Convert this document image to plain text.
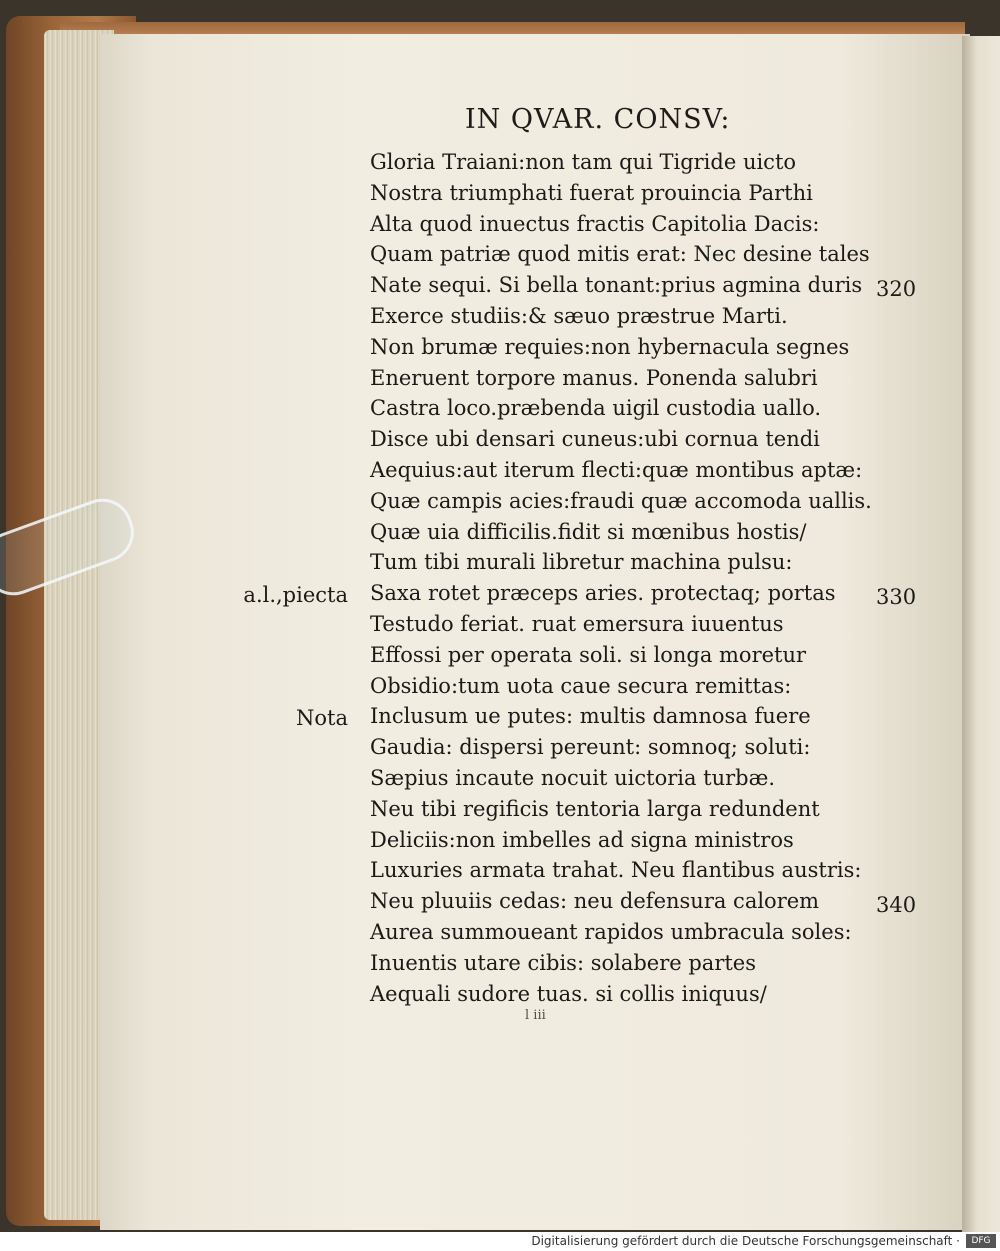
IN QVAR. CONSV:
Gloria Traiani:non tam qui Tigride uicto
Nostra triumphati fuerat prouincia Parthi
Alta quod inuectus fractis Capitolia Dacis:
Quam patriæ quod mitis erat: Nec desine tales
Nate sequi. Si bella tonant:prius agmina duris
Exerce studiis:& sæuo præstrue Marti.
Non brumæ requies:non hybernacula segnes
Eneruent torpore manus. Ponenda salubri
Castra loco.præbenda uigil custodia uallo.
Disce ubi densari cuneus:ubi cornua tendi
Aequius:aut iterum flecti:quæ montibus aptæ:
Quæ campis acies:fraudi quæ accomoda uallis.
Quæ uia difficilis.fidit si mœnibus hostis/
Tum tibi murali libretur machina pulsu:
Saxa rotet præceps aries. protectaq; portas
Testudo feriat. ruat emersura iuuentus
Effossi per operata soli. si longa moretur
Obsidio:tum uota caue secura remittas:
Inclusum ue putes: multis damnosa fuere
Gaudia: dispersi pereunt: somnoq; soluti:
Sæpius incaute nocuit uictoria turbæ.
Neu tibi regificis tentoria larga redundent
Deliciis:non imbelles ad signa ministros
Luxuries armata trahat. Neu flantibus austris:
Neu pluuiis cedas: neu defensura calorem
Aurea summoueant rapidos umbracula soles:
Inuentis utare cibis: solabere partes
Aequali sudore tuas. si collis iniquus/
320
330
340
a.l.,piecta
Nota
l iii
Digitalisierung gefördert durch die Deutsche Forschungsgemeinschaft ·	DFG
